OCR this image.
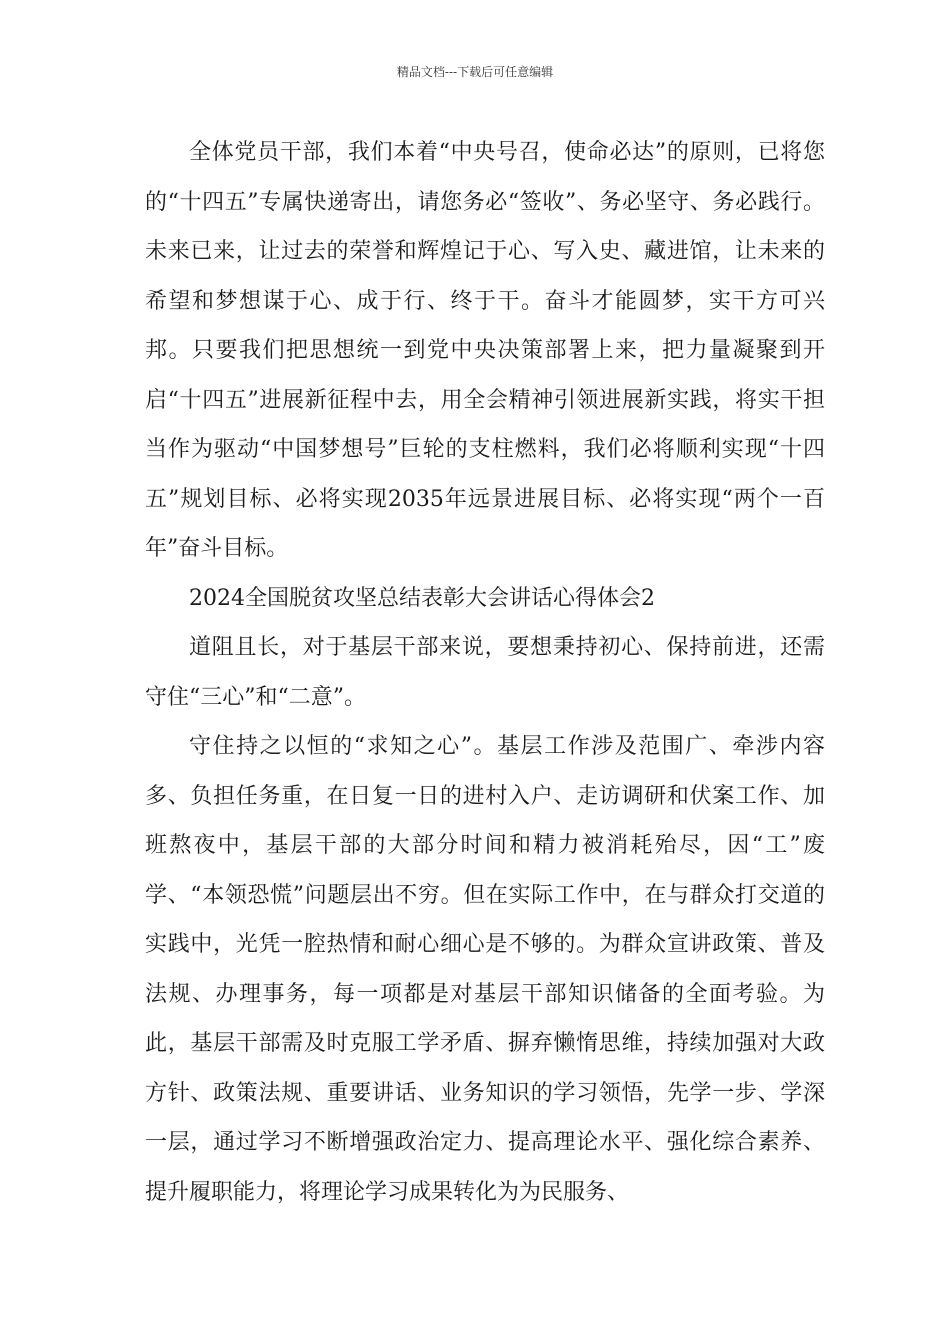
精品文档---下载后可任意编辑

全体党员干部，我们本着“中央号召，使命必达”的原则，已将您的“十四五”专属快递寄出，请您务必“签收”、务必坚守、务必践行。未来已来，让过去的荣誉和辉煌记于心、写入史、藏进馆，让未来的希望和梦想谋于心、成于行、终于干。奋斗才能圆梦，实干方可兴邦。只要我们把思想统一到党中央决策部署上来，把力量凝聚到开启“十四五”进展新征程中去，用全会精神引领进展新实践，将实干担当作为驱动“中国梦想号”巨轮的支柱燃料，我们必将顺利实现“十四五”规划目标、必将实现2035年远景进展目标、必将实现“两个一百年”奋斗目标。

2024全国脱贫攻坚总结表彰大会讲话心得体会2

道阻且长，对于基层干部来说，要想秉持初心、保持前进，还需守住“三心”和“二意”。

守住持之以恒的“求知之心”。基层工作涉及范围广、牵涉内容多、负担任务重，在日复一日的进村入户、走访调研和伏案工作、加班熬夜中，基层干部的大部分时间和精力被消耗殆尽，因“工”废学、“本领恐慌”问题层出不穷。但在实际工作中，在与群众打交道的实践中，光凭一腔热情和耐心细心是不够的。为群众宣讲政策、普及法规、办理事务，每一项都是对基层干部知识储备的全面考验。为此，基层干部需及时克服工学矛盾、摒弃懒惰思维，持续加强对大政方针、政策法规、重要讲话、业务知识的学习领悟，先学一步、学深一层，通过学习不断增强政治定力、提高理论水平、强化综合素养、提升履职能力，将理论学习成果转化为为民服务、
